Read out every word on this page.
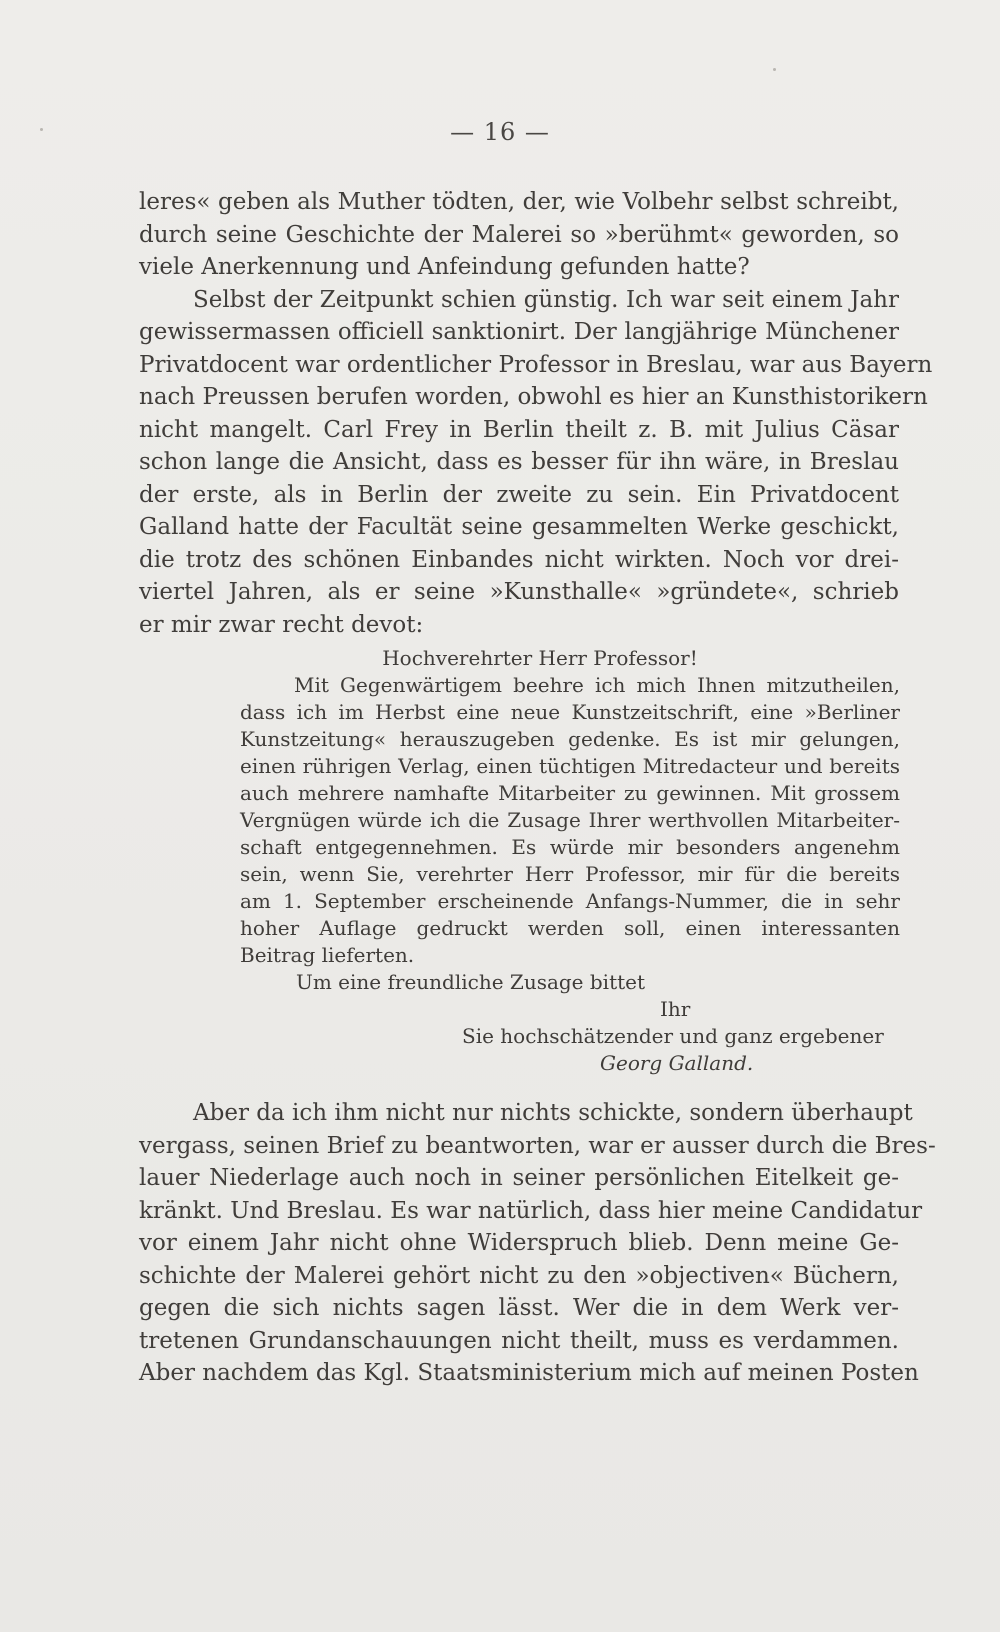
— 16 —
leres« geben als Muther tödten, der, wie Volbehr selbst schreibt,
durch seine Geschichte der Malerei so »berühmt« geworden, so
viele Anerkennung und Anfeindung gefunden hatte?
Selbst der Zeitpunkt schien günstig. Ich war seit einem Jahr
gewissermassen officiell sanktionirt. Der langjährige Münchener
Privatdocent war ordentlicher Professor in Breslau, war aus Bayern
nach Preussen berufen worden, obwohl es hier an Kunsthistorikern
nicht mangelt. Carl Frey in Berlin theilt z. B. mit Julius Cäsar
schon lange die Ansicht, dass es besser für ihn wäre, in Breslau
der erste, als in Berlin der zweite zu sein. Ein Privatdocent
Galland hatte der Facultät seine gesammelten Werke geschickt,
die trotz des schönen Einbandes nicht wirkten. Noch vor drei-
viertel Jahren, als er seine »Kunsthalle« »gründete«, schrieb
er mir zwar recht devot:
Hochverehrter Herr Professor!
Mit Gegenwärtigem beehre ich mich Ihnen mitzutheilen,
dass ich im Herbst eine neue Kunstzeitschrift, eine »Berliner
Kunstzeitung« herauszugeben gedenke. Es ist mir gelungen,
einen rührigen Verlag, einen tüchtigen Mitredacteur und bereits
auch mehrere namhafte Mitarbeiter zu gewinnen. Mit grossem
Vergnügen würde ich die Zusage Ihrer werthvollen Mitarbeiter-
schaft entgegennehmen. Es würde mir besonders angenehm
sein, wenn Sie, verehrter Herr Professor, mir für die bereits
am 1. September erscheinende Anfangs-Nummer, die in sehr
hoher Auflage gedruckt werden soll, einen interessanten
Beitrag lieferten.
Um eine freundliche Zusage bittet
Ihr
Sie hochschätzender und ganz ergebener
Georg Galland.
Aber da ich ihm nicht nur nichts schickte, sondern überhaupt
vergass, seinen Brief zu beantworten, war er ausser durch die Bres-
lauer Niederlage auch noch in seiner persönlichen Eitelkeit ge-
kränkt. Und Breslau. Es war natürlich, dass hier meine Candidatur
vor einem Jahr nicht ohne Widerspruch blieb. Denn meine Ge-
schichte der Malerei gehört nicht zu den »objectiven« Büchern,
gegen die sich nichts sagen lässt. Wer die in dem Werk ver-
tretenen Grundanschauungen nicht theilt, muss es verdammen.
Aber nachdem das Kgl. Staatsministerium mich auf meinen Posten
